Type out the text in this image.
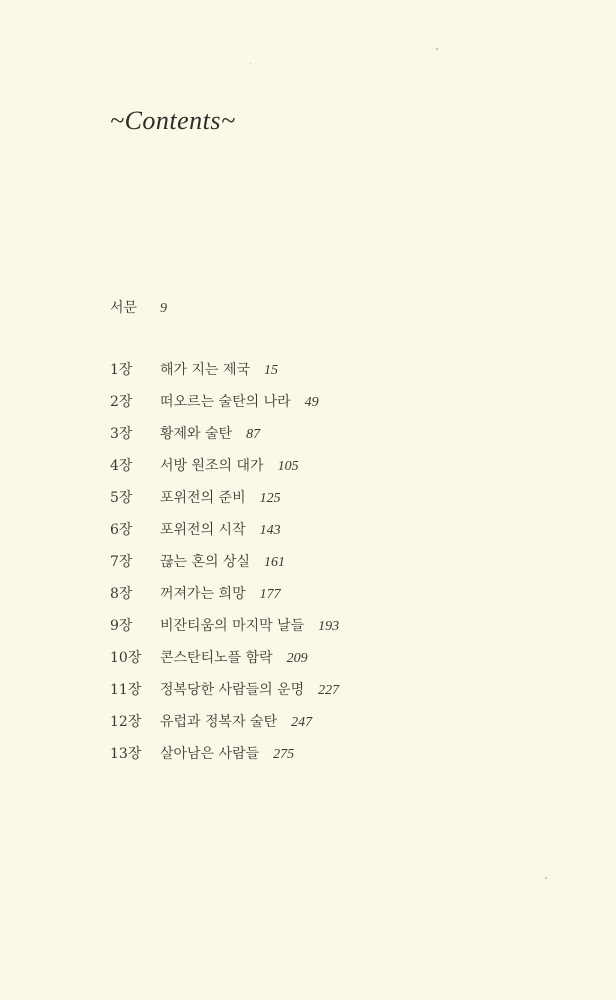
~Contents~
서문 9
1장 해가 지는 제국 15
2장 떠오르는 술탄의 나라 49
3장 황제와 술탄 87
4장 서방 원조의 대가 105
5장 포위전의 준비 125
6장 포위전의 시작 143
7장 끊는 혼의 상실 161
8장 꺼져가는 희망 177
9장 비잔티움의 마지막 날들 193
10장 콘스탄티노플 함락 209
11장 정복당한 사람들의 운명 227
12장 유럽과 정복자 술탄 247
13장 살아남은 사람들 275
